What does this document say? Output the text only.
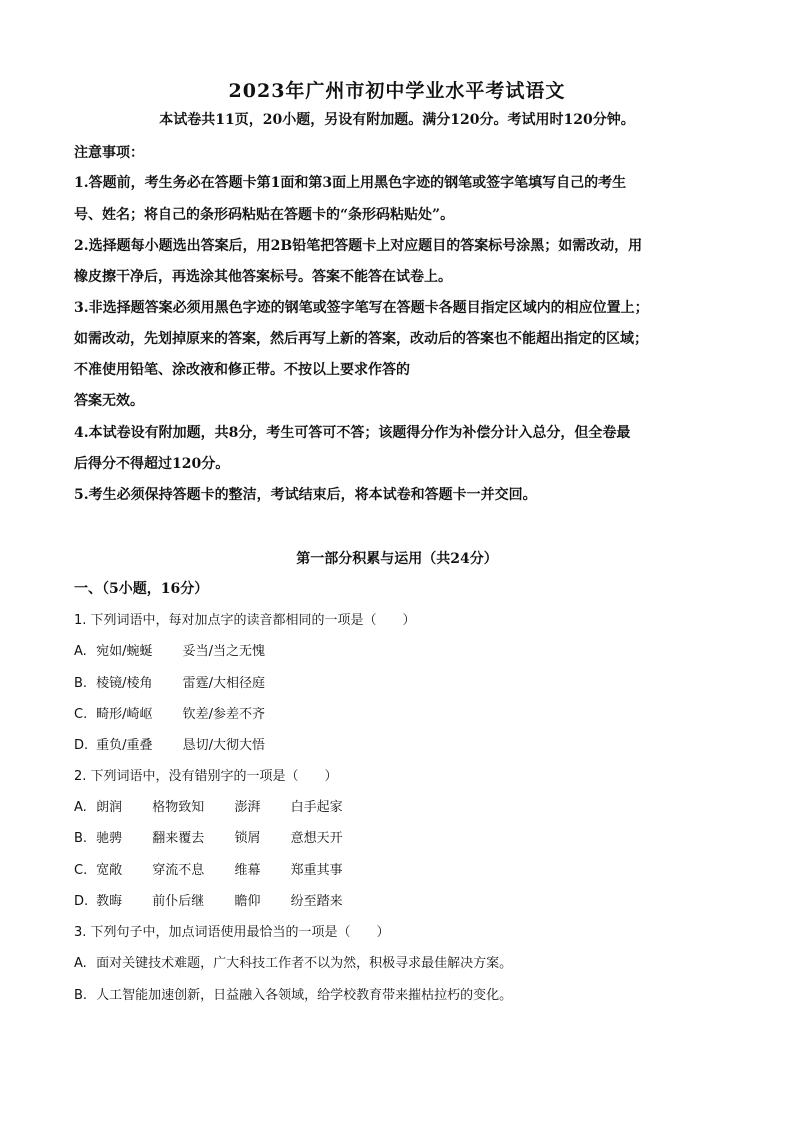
2023年广州市初中学业水平考试语文
本试卷共11页，20小题，另设有附加题。满分120分。考试用时120分钟。
注意事项：
1.答题前，考生务必在答题卡第1面和第3面上用黑色字迹的钢笔或签字笔填写自己的考生
号、姓名；将自己的条形码粘贴在答题卡的“条形码粘贴处”。
2.选择题每小题选出答案后，用2B铅笔把答题卡上对应题目的答案标号涂黑；如需改动，用
橡皮擦干净后，再选涂其他答案标号。答案不能答在试卷上。
3.非选择题答案必须用黑色字迹的钢笔或签字笔写在答题卡各题目指定区域内的相应位置上；
如需改动，先划掉原来的答案，然后再写上新的答案，改动后的答案也不能超出指定的区域；
不准使用铅笔、涂改液和修正带。不按以上要求作答的
答案无效。
4.本试卷设有附加题，共8分，考生可答可不答；该题得分作为补偿分计入总分，但全卷最
后得分不得超过120分。
5.考生必须保持答题卡的整洁，考试结束后，将本试卷和答题卡一并交回。
第一部分积累与运用（共24分）
一、（5小题，16分）
1. 下列词语中，每对加点字的读音都相同的一项是（　　）
A. 宛如/蜿蜒 妥当/当之无愧
B. 棱镜/棱角 雷霆/大相径庭
C. 畸形/崎岖 钦差/参差不齐
D. 重负/重叠 恳切/大彻大悟
2. 下列词语中，没有错别字的一项是（　　）
A. 朗润 格物致知 澎湃 白手起家
B. 驰骋 翻来覆去 锁屑 意想天开
C. 宽敞 穿流不息 维幕 郑重其事
D. 教晦 前仆后继 瞻仰 纷至踏来
3. 下列句子中，加点词语使用最恰当的一项是（　　）
A. 面对关键技术难题，广大科技工作者不以为然，积极寻求最佳解决方案。
B. 人工智能加速创新，日益融入各领域，给学校教育带来摧枯拉朽的变化。
